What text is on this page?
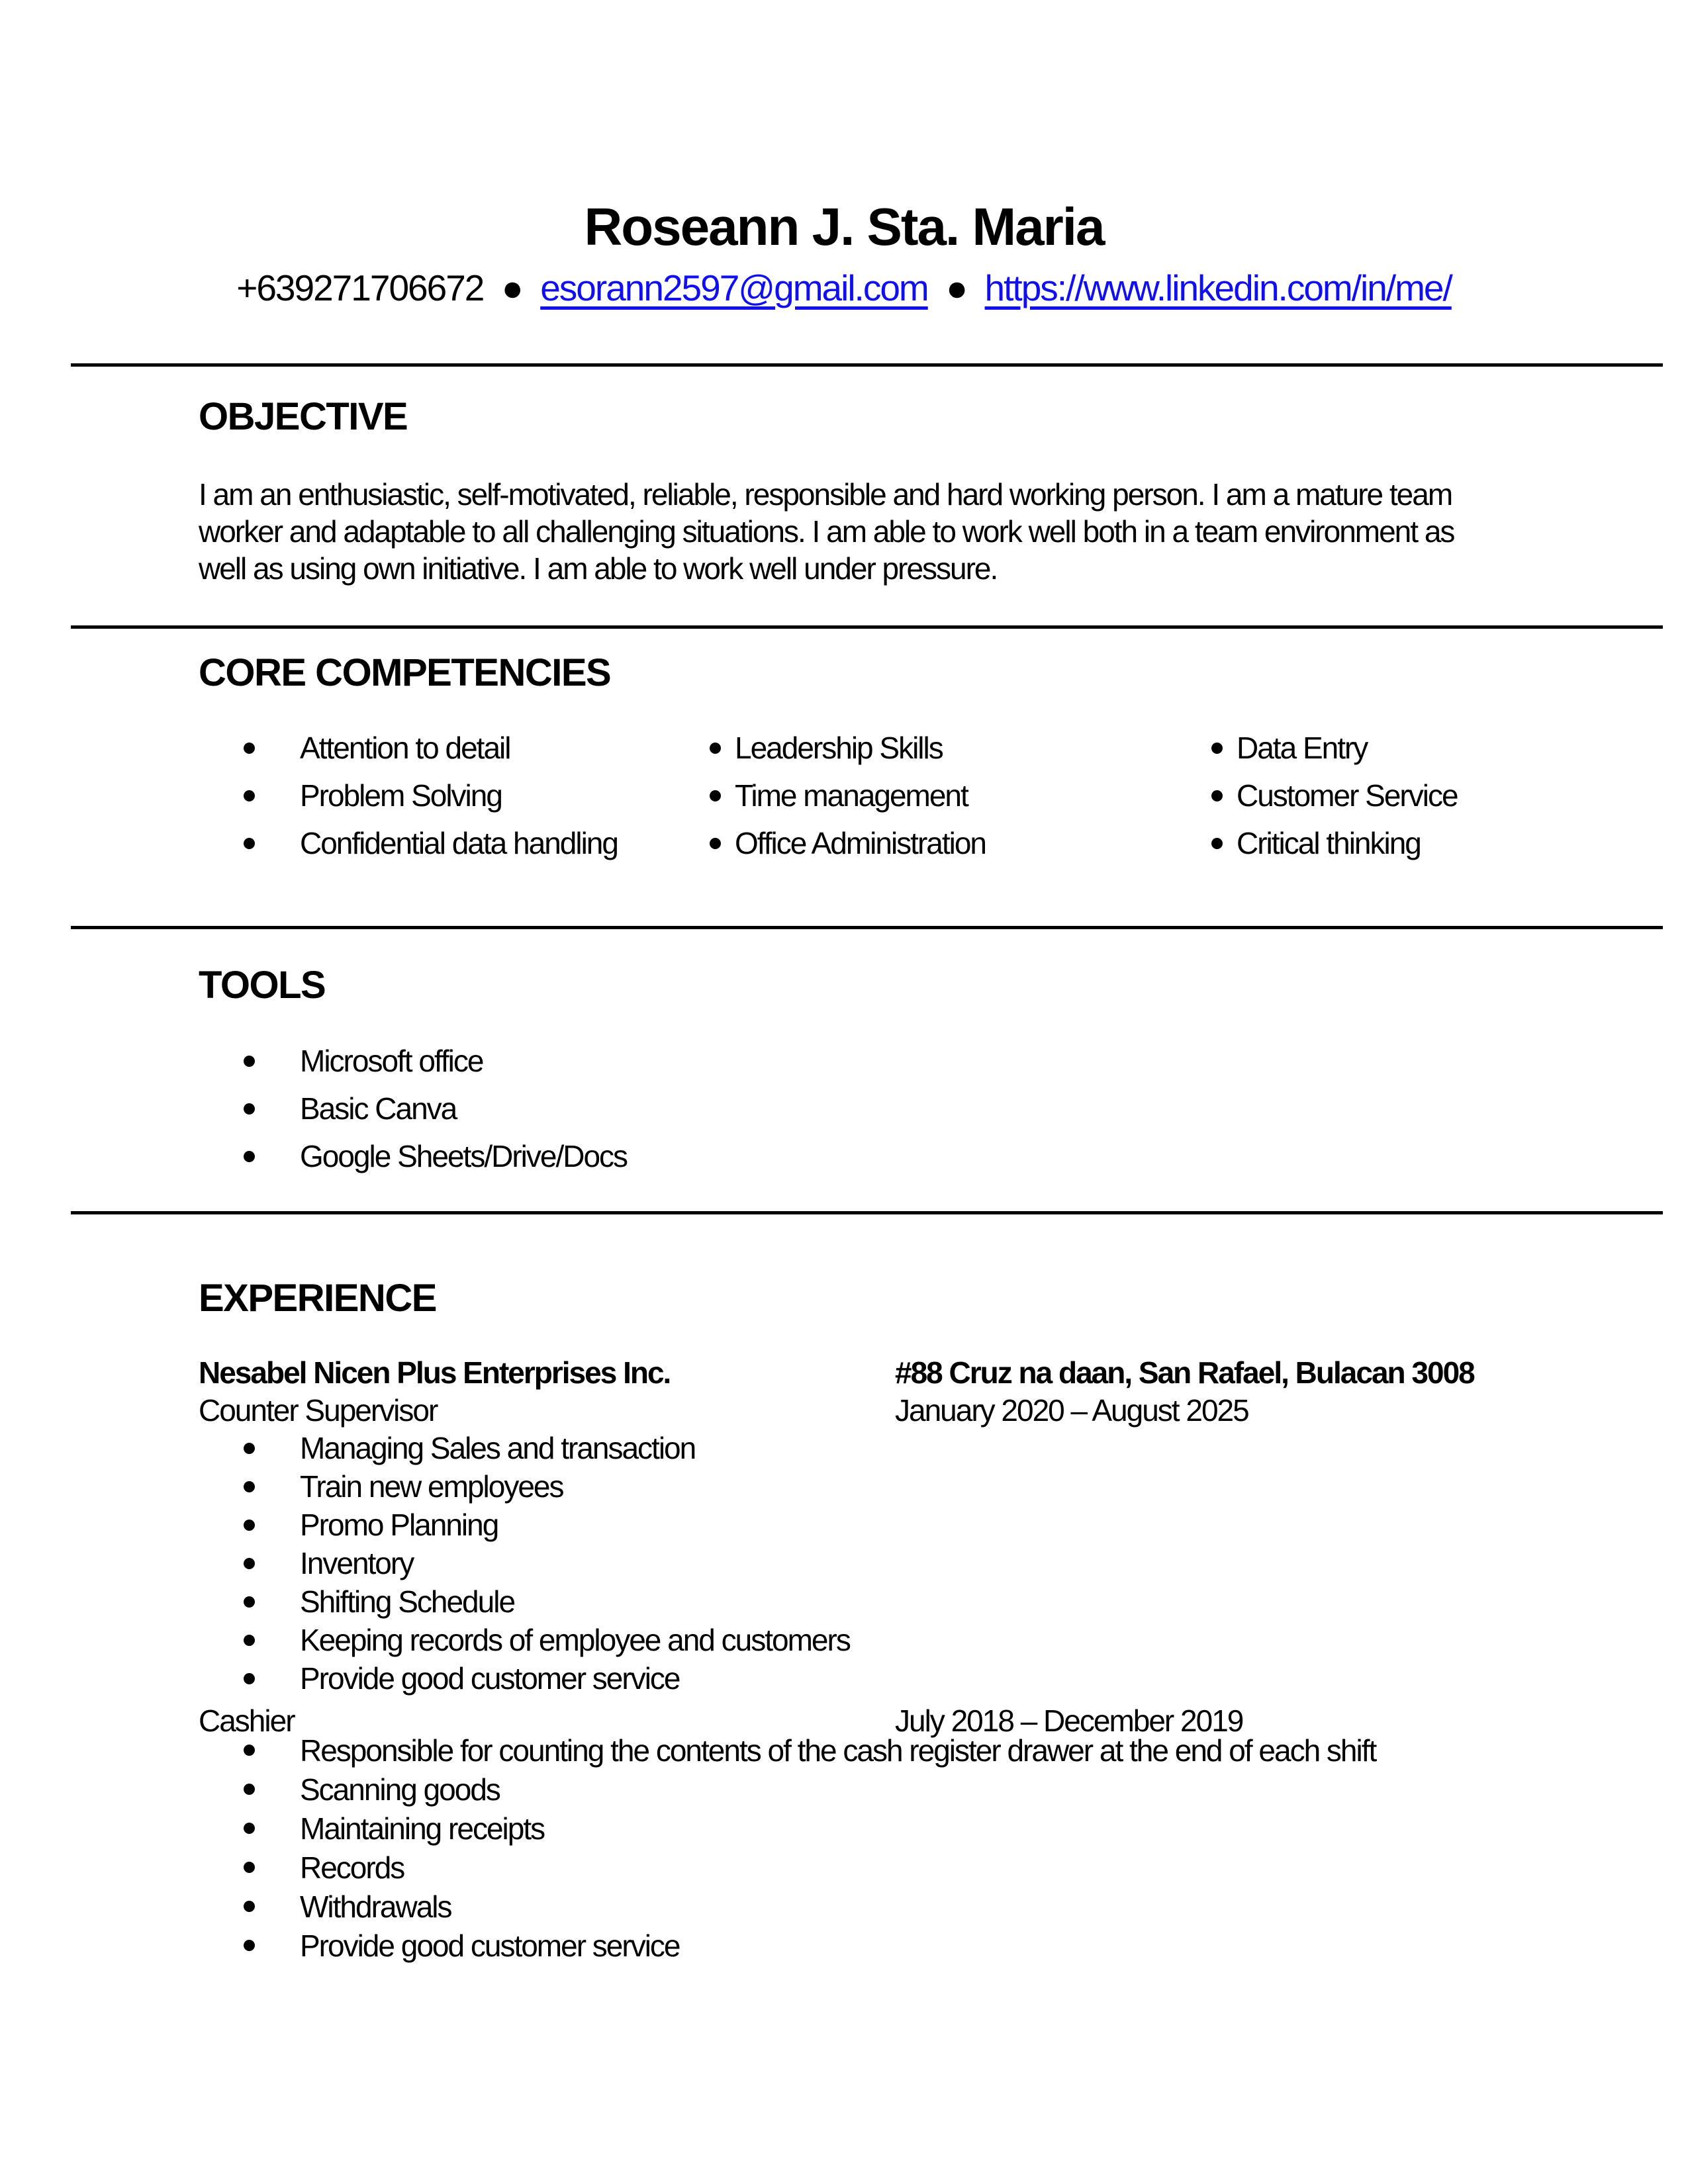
Roseann J. Sta. Maria
+639271706672 ● esorann2597@gmail.com ● https://www.linkedin.com/in/me/
OBJECTIVE
I am an enthusiastic, self-motivated, reliable, responsible and hard working person. I am a mature team
worker and adaptable to all challenging situations. I am able to work well both in a team environment as
well as using own initiative. I am able to work well under pressure.
CORE COMPETENCIES
Attention to detail
Problem Solving
Confidential data handling
Leadership Skills
Time management
Office Administration
Data Entry
Customer Service
Critical thinking
TOOLS
Microsoft office
Basic Canva
Google Sheets/Drive/Docs
EXPERIENCE
Nesabel Nicen Plus Enterprises Inc.	#88 Cruz na daan, San Rafael, Bulacan 3008
Counter Supervisor	January 2020 – August 2025
Managing Sales and transaction
Train new employees
Promo Planning
Inventory
Shifting Schedule
Keeping records of employee and customers
Provide good customer service
Cashier	July 2018 – December 2019
Responsible for counting the contents of the cash register drawer at the end of each shift
Scanning goods
Maintaining receipts
Records
Withdrawals
Provide good customer service
